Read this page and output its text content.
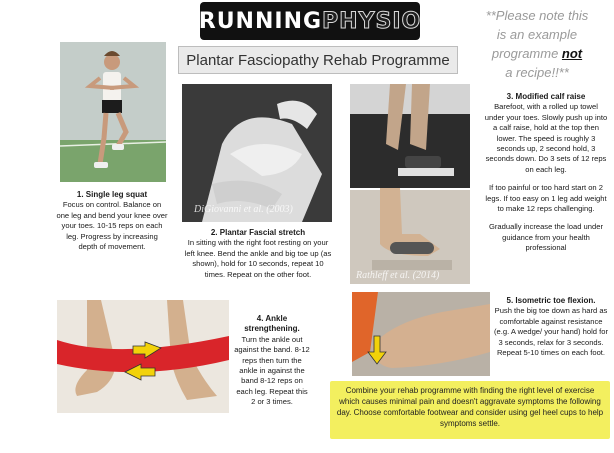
RUNNING PHYSIO
Plantar Fasciopathy Rehab Programme
**Please note this
is an example
programme not
a recipe!!**
1. Single leg squat
Focus on control. Balance on one leg and bend your knee over your toes. 10-15 reps on each leg. Progress by increasing depth of movement.
DiGiovanni et al. (2003)
2. Plantar Fascial stretch
In sitting with the right foot resting on your left knee. Bend the ankle and big toe up (as shown), hold for 10 seconds, repeat 10 times. Repeat on the other foot.	Rathleff et al. (2014)
3. Modified calf raise
Barefoot, with a rolled up towel under your toes. Slowly push up into a calf raise, hold at the top then lower. The speed is roughly 3 seconds up, 2 second hold, 3 seconds down. Do 3 sets of 12 reps on each leg.
If too painful or too hard start on 2 legs. If too easy on 1 leg add weight to make 12 reps challenging.
Gradually increase the load under guidance from your health professional
4. Ankle strengthening.
Turn the ankle out against the band. 8-12 reps then turn the ankle in against the band 8-12 reps on each leg. Repeat this 2 or 3 times.
5. Isometric toe flexion.
Push the big toe down as hard as comfortable against resistance (e.g. A wedge/ your hand) hold for 3 seconds, relax for 3 seconds. Repeat 5-10 times on each foot.
Combine your rehab programme with finding the right level of exercise which causes minimal pain and doesn't aggravate symptoms the following day. Choose comfortable footwear and consider using gel heel cups to help symptoms settle.
